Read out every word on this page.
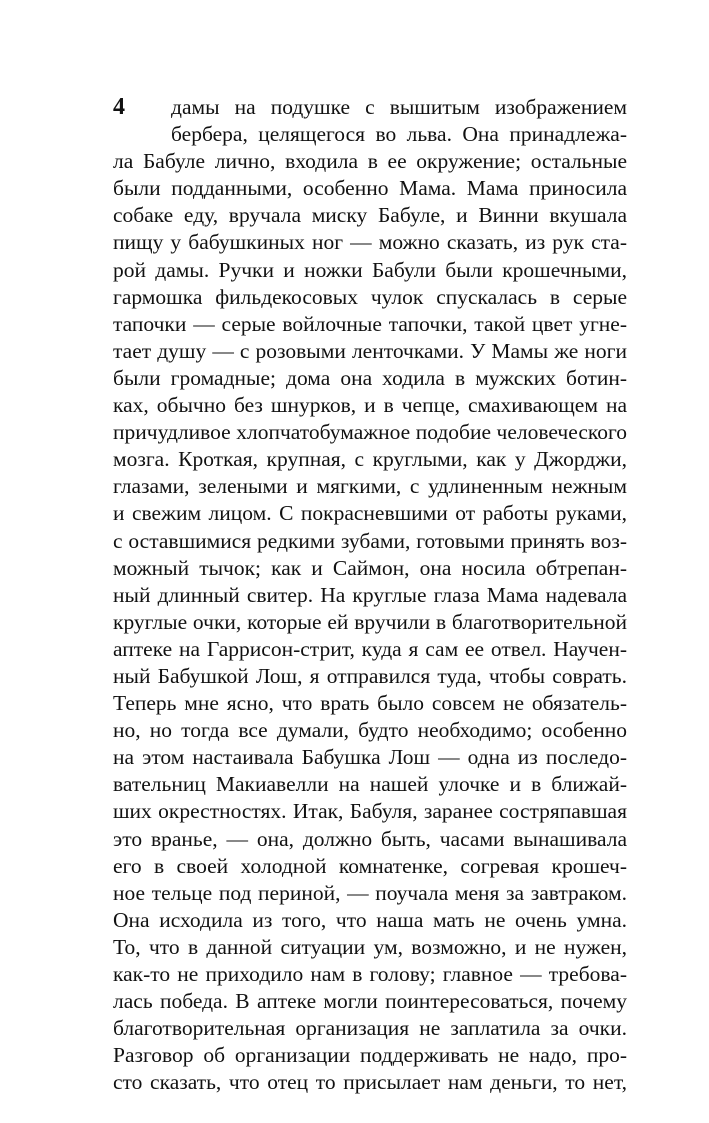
4	дамы на подушке с вышитым изображением
бербера, целящегося во льва. Она принадлежа-
ла Бабуле лично, входила в ее окружение; остальные
были подданными, особенно Мама. Мама приносила
собаке еду, вручала миску Бабуле, и Винни вкушала
пищу у бабушкиных ног — можно сказать, из рук ста-
рой дамы. Ручки и ножки Бабули были крошечными,
гармошка фильдекосовых чулок спускалась в серые
тапочки — серые войлочные тапочки, такой цвет угне-
тает душу — с розовыми ленточками. У Мамы же ноги
были громадные; дома она ходила в мужских ботин-
ках, обычно без шнурков, и в чепце, смахивающем на
причудливое хлопчатобумажное подобие человеческого
мозга. Кроткая, крупная, с круглыми, как у Джорджи,
глазами, зелеными и мягкими, с удлиненным нежным
и свежим лицом. С покрасневшими от работы руками,
с оставшимися редкими зубами, готовыми принять воз-
можный тычок; как и Саймон, она носила обтрепан-
ный длинный свитер. На круглые глаза Мама надевала
круглые очки, которые ей вручили в благотворительной
аптеке на Гаррисон-стрит, куда я сам ее отвел. Научен-
ный Бабушкой Лош, я отправился туда, чтобы соврать.
Теперь мне ясно, что врать было совсем не обязатель-
но, но тогда все думали, будто необходимо; особенно
на этом настаивала Бабушка Лош — одна из последо-
вательниц Макиавелли на нашей улочке и в ближай-
ших окрестностях. Итак, Бабуля, заранее состряпавшая
это вранье, — она, должно быть, часами вынашивала
его в своей холодной комнатенке, согревая крошеч-
ное тельце под периной, — поучала меня за завтраком.
Она исходила из того, что наша мать не очень умна.
То, что в данной ситуации ум, возможно, и не нужен,
как-то не приходило нам в голову; главное — требова-
лась победа. В аптеке могли поинтересоваться, почему
благотворительная организация не заплатила за очки.
Разговор об организации поддерживать не надо, про-
сто сказать, что отец то присылает нам деньги, то нет,
